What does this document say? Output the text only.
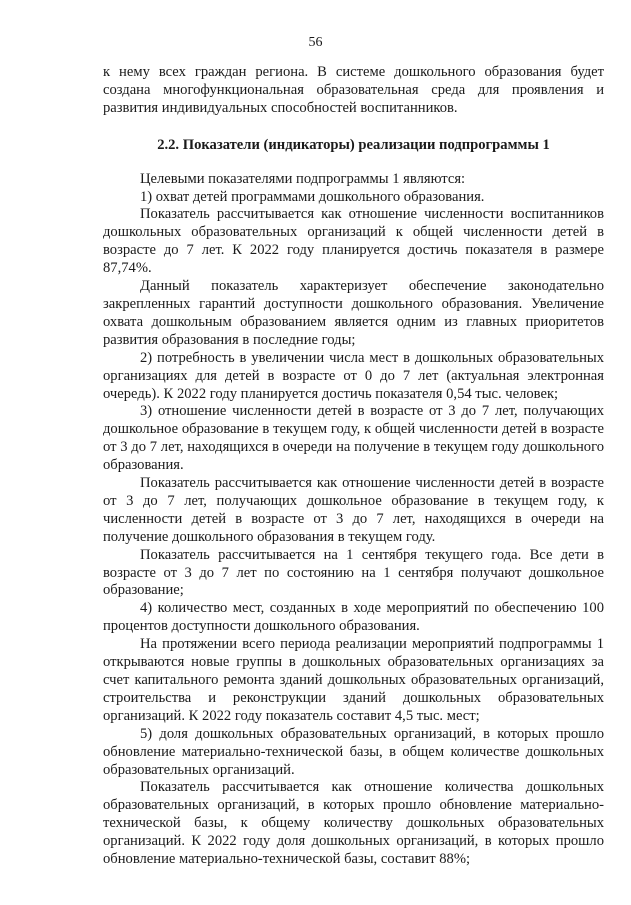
56

к нему всех граждан региона. В системе дошкольного образования будет создана многофункциональная образовательная среда для проявления и развития индивидуальных способностей воспитанников.

2.2. Показатели (индикаторы) реализации подпрограммы 1

Целевыми показателями подпрограммы 1 являются:

1) охват детей программами дошкольного образования.

Показатель рассчитывается как отношение численности воспитанников дошкольных образовательных организаций к общей численности детей в возрасте до 7 лет. К 2022 году планируется достичь показателя в размере 87,74%.

Данный показатель характеризует обеспечение законодательно закрепленных гарантий доступности дошкольного образования. Увеличение охвата дошкольным образованием является одним из главных приоритетов развития образования в последние годы;

2) потребность в увеличении числа мест в дошкольных образовательных организациях для детей в возрасте от 0 до 7 лет (актуальная электронная очередь). К 2022 году планируется достичь показателя 0,54 тыс. человек;

3) отношение численности детей в возрасте от 3 до 7 лет, получающих дошкольное образование в текущем году, к общей численности детей в возрасте от 3 до 7 лет, находящихся в очереди на получение в текущем году дошкольного образования.

Показатель рассчитывается как отношение численности детей в возрасте от 3 до 7 лет, получающих дошкольное образование в текущем году, к численности детей в возрасте от 3 до 7 лет, находящихся в очереди на получение дошкольного образования в текущем году.

Показатель рассчитывается на 1 сентября текущего года. Все дети в возрасте от 3 до 7 лет по состоянию на 1 сентября получают дошкольное образование;

4) количество мест, созданных в ходе мероприятий по обеспечению 100 процентов доступности дошкольного образования.

На протяжении всего периода реализации мероприятий подпрограммы 1 открываются новые группы в дошкольных образовательных организациях за счет капитального ремонта зданий дошкольных образовательных организаций, строительства и реконструкции зданий дошкольных образовательных организаций. К 2022 году показатель составит 4,5 тыс. мест;

5) доля дошкольных образовательных организаций, в которых прошло обновление материально-технической базы, в общем количестве дошкольных образовательных организаций.

Показатель рассчитывается как отношение количества дошкольных образовательных организаций, в которых прошло обновление материально-технической базы, к общему количеству дошкольных образовательных организаций. К 2022 году доля дошкольных организаций, в которых прошло обновление материально-технической базы, составит 88%;
